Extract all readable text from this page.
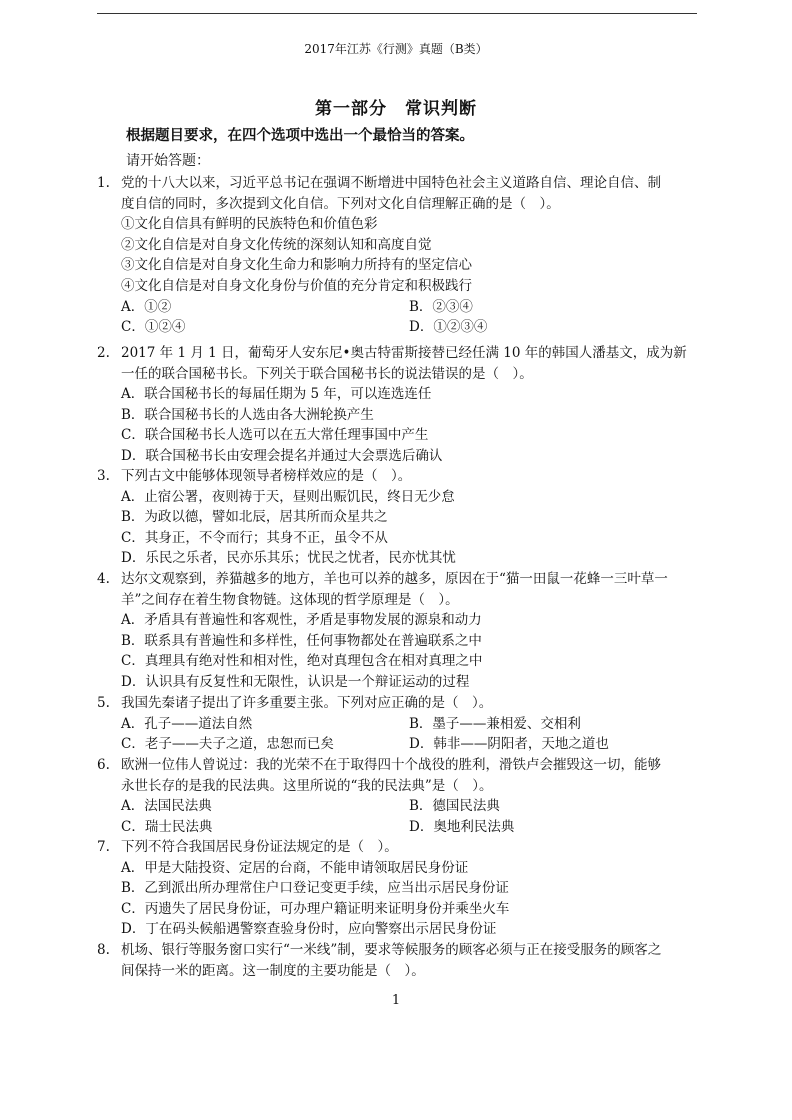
2017年江苏《行测》真题（B类）
第一部分 常识判断
根据题目要求，在四个选项中选出一个最恰当的答案。
请开始答题：
1. 党的十八大以来，习近平总书记在强调不断增进中国特色社会主义道路自信、理论自信、制
度自信的同时，多次提到文化自信。下列对文化自信理解正确的是（　）。
①文化自信具有鲜明的民族特色和价值色彩
②文化自信是对自身文化传统的深刻认知和高度自觉
③文化自信是对自身文化生命力和影响力所持有的坚定信心
④文化自信是对自身文化身份与价值的充分肯定和积极践行
A．①②	B．②③④
C．①②④	D．①②③④
2. 2017 年 1 月 1 日，葡萄牙人安东尼•奥古特雷斯接替已经任满 10 年的韩国人潘基文，成为新
一任的联合国秘书长。下列关于联合国秘书长的说法错误的是（　）。
A．联合国秘书长的每届任期为 5 年，可以连选连任
B．联合国秘书长的人选由各大洲轮换产生
C．联合国秘书长人选可以在五大常任理事国中产生
D．联合国秘书长由安理会提名并通过大会票选后确认
3. 下列古文中能够体现领导者榜样效应的是（　）。
A．止宿公署，夜则祷于天，昼则出赈饥民，终日无少怠
B．为政以德，譬如北辰，居其所而众星共之
C．其身正，不令而行；其身不正，虽令不从
D．乐民之乐者，民亦乐其乐；忧民之忧者，民亦忧其忧
4. 达尔文观察到，养猫越多的地方，羊也可以养的越多，原因在于“猫一田鼠一花蜂一三叶草一
羊”之间存在着生物食物链。这体现的哲学原理是（　）。
A．矛盾具有普遍性和客观性，矛盾是事物发展的源泉和动力
B．联系具有普遍性和多样性，任何事物都处在普遍联系之中
C．真理具有绝对性和相对性，绝对真理包含在相对真理之中
D．认识具有反复性和无限性，认识是一个辩证运动的过程
5. 我国先秦诸子提出了许多重要主张。下列对应正确的是（　）。
A．孔子——道法自然	B．墨子——兼相爱、交相利
C．老子——夫子之道，忠恕而已矣	D．韩非——阴阳者，天地之道也
6. 欧洲一位伟人曾说过：我的光荣不在于取得四十个战役的胜利，滑铁卢会摧毁这一切，能够
永世长存的是我的民法典。这里所说的“我的民法典”是（　）。
A．法国民法典	B．德国民法典
C．瑞士民法典	D．奥地利民法典
7. 下列不符合我国居民身份证法规定的是（　）。
A．甲是大陆投资、定居的台商，不能申请领取居民身份证
B．乙到派出所办理常住户口登记变更手续，应当出示居民身份证
C．丙遗失了居民身份证，可办理户籍证明来证明身份并乘坐火车
D．丁在码头候船遇警察查验身份时，应向警察出示居民身份证
8. 机场、银行等服务窗口实行“一米线”制，要求等候服务的顾客必须与正在接受服务的顾客之
间保持一米的距离。这一制度的主要功能是（　）。
1
